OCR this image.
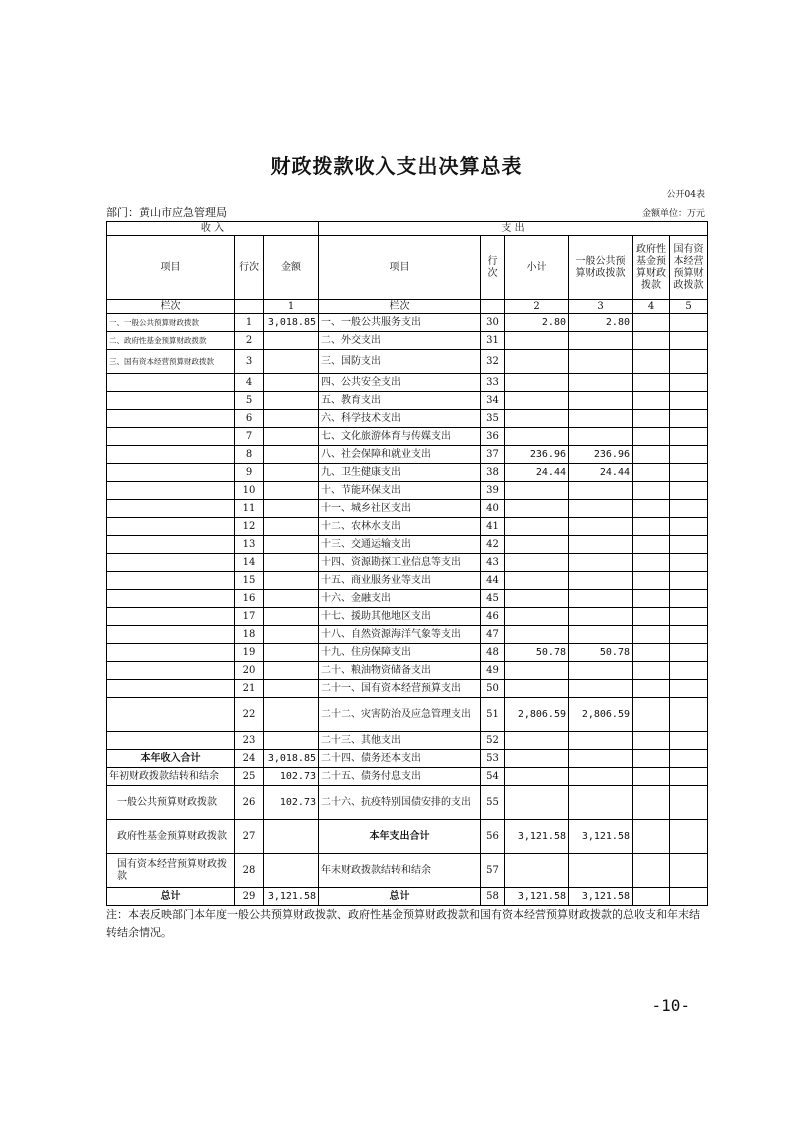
财政拨款收入支出决算总表
公开04表
部门：黄山市应急管理局	金额单位：万元
收 入			支 出					
项目	行次	金额	项目	行次	小计	一般公共预算财政拨款	政府性基金预算财政拨款	国有资本经营预算财政拨款
栏次		1	栏次		2	3	4	5
一、一般公共预算财政拨款	1	3,018.85	一、一般公共服务支出	30	2.80	2.80		
二、政府性基金预算财政拨款	2		二、外交支出	31				
三、国有资本经营预算财政拨款	3		三、国防支出	32				
	4		四、公共安全支出	33				
	5		五、教育支出	34				
	6		六、科学技术支出	35				
	7		七、文化旅游体育与传媒支出	36				
	8		八、社会保障和就业支出	37	236.96	236.96		
	9		九、卫生健康支出	38	24.44	24.44		
	10		十、节能环保支出	39				
	11		十一、城乡社区支出	40				
	12		十二、农林水支出	41				
	13		十三、交通运输支出	42				
	14		十四、资源勘探工业信息等支出	43				
	15		十五、商业服务业等支出	44				
	16		十六、金融支出	45				
	17		十七、援助其他地区支出	46				
	18		十八、自然资源海洋气象等支出	47				
	19		十九、住房保障支出	48	50.78	50.78		
	20		二十、粮油物资储备支出	49				
	21		二十一、国有资本经营预算支出	50				
	22		二十二、灾害防治及应急管理支出	51	2,806.59	2,806.59		
	23		二十三、其他支出	52				
本年收入合计	24	3,018.85	二十四、债务还本支出	53				
年初财政拨款结转和结余	25	102.73	二十五、债务付息支出	54				
一般公共预算财政拨款	26	102.73	二十六、抗疫特别国债安排的支出	55				
政府性基金预算财政拨款	27		本年支出合计	56	3,121.58	3,121.58		
国有资本经营预算财政拨款	28		年末财政拨款结转和结余	57				
总计	29	3,121.58	总计	58	3,121.58	3,121.58		
注：本表反映部门本年度一般公共预算财政拨款、政府性基金预算财政拨款和国有资本经营预算财政拨款的总收支和年末结转结余情况。
-10-
